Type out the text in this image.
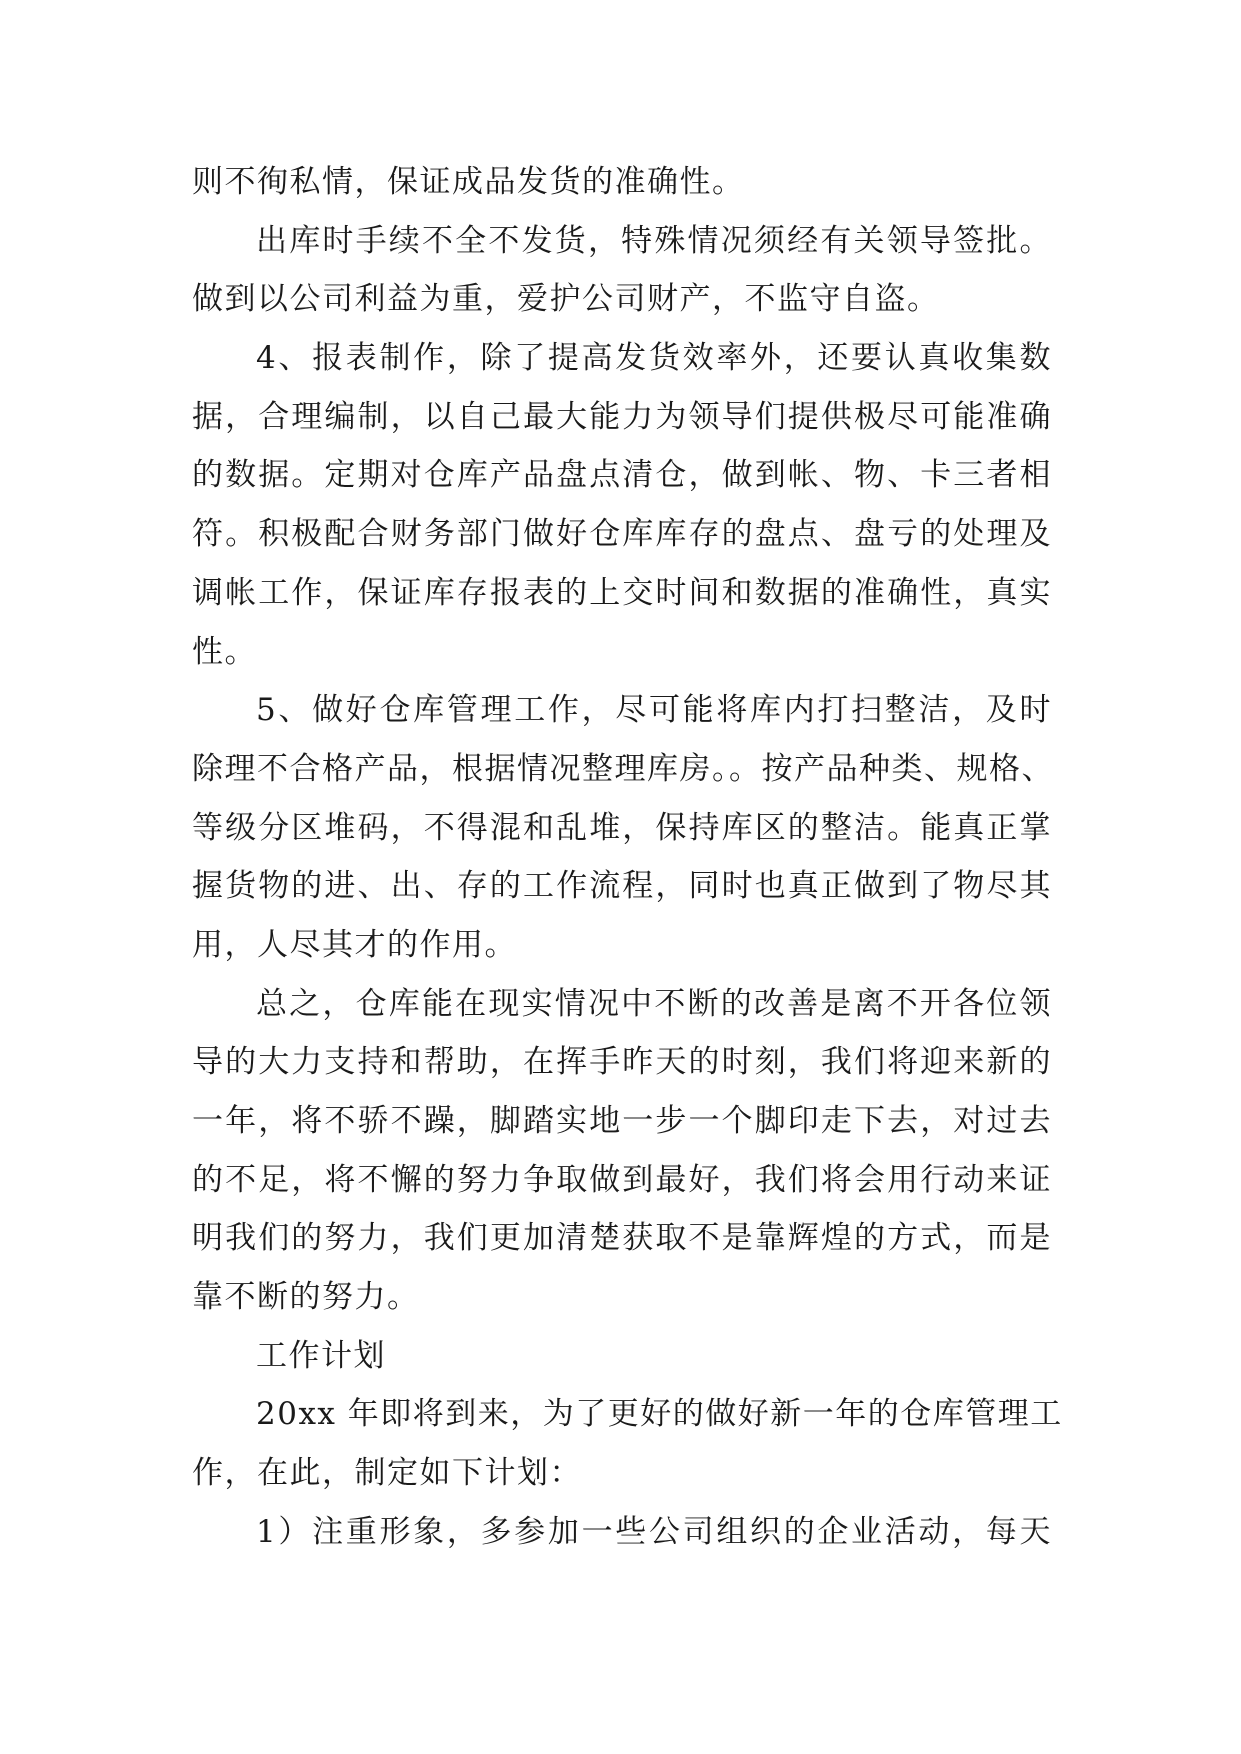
则不徇私情，保证成品发货的准确性。
出库时手续不全不发货，特殊情况须经有关领导签批。
做到以公司利益为重，爱护公司财产，不监守自盗。
4、报表制作，除了提高发货效率外，还要认真收集数
据，合理编制，以自己最大能力为领导们提供极尽可能准确
的数据。定期对仓库产品盘点清仓，做到帐、物、卡三者相
符。积极配合财务部门做好仓库库存的盘点、盘亏的处理及
调帐工作，保证库存报表的上交时间和数据的准确性，真实
性。
5、做好仓库管理工作，尽可能将库内打扫整洁，及时
除理不合格产品，根据情况整理库房。。按产品种类、规格、
等级分区堆码，不得混和乱堆，保持库区的整洁。能真正掌
握货物的进、出、存的工作流程，同时也真正做到了物尽其
用，人尽其才的作用。
总之，仓库能在现实情况中不断的改善是离不开各位领
导的大力支持和帮助，在挥手昨天的时刻，我们将迎来新的
一年，将不骄不躁，脚踏实地一步一个脚印走下去，对过去
的不足，将不懈的努力争取做到最好，我们将会用行动来证
明我们的努力，我们更加清楚获取不是靠辉煌的方式，而是
靠不断的努力。
工作计划
20xx 年即将到来，为了更好的做好新一年的仓库管理工
作，在此，制定如下计划：
1）注重形象，多参加一些公司组织的企业活动，每天
